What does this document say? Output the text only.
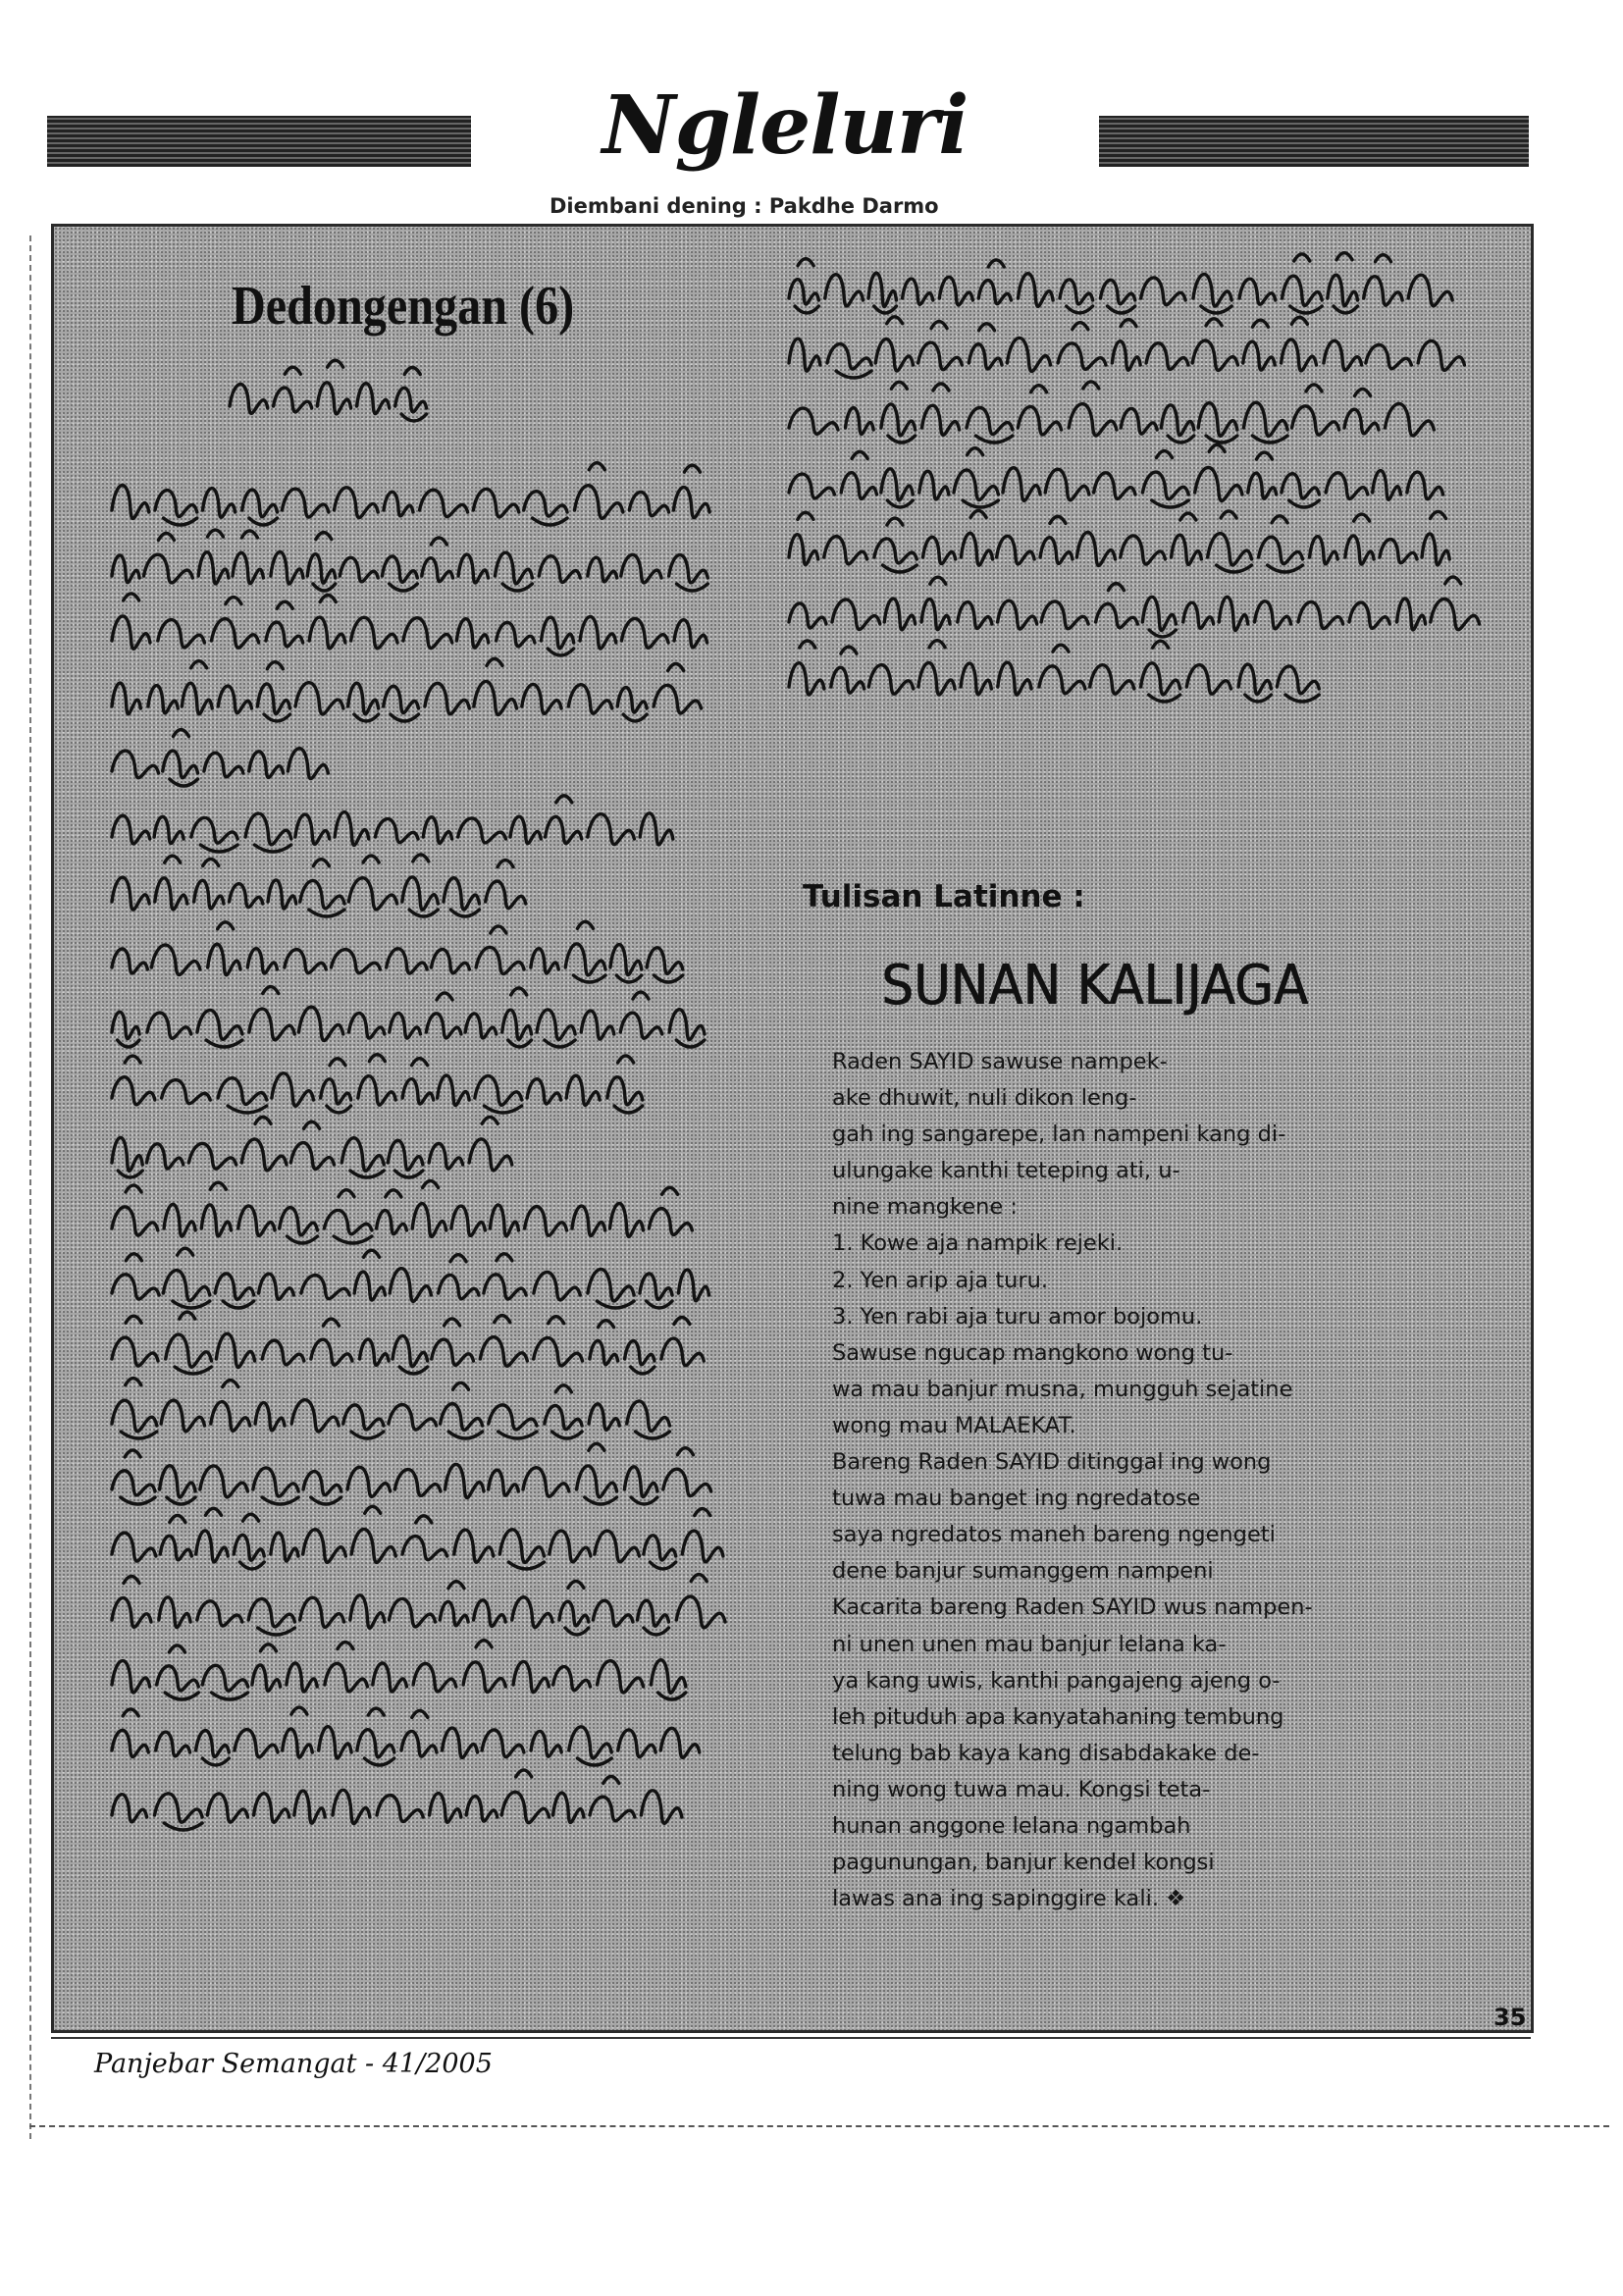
Nglelurі
Diembani dening : Pakdhe Darmo
Dedongengan (6)
Tulisan Latinne :
SUNAN KALIJAGA
Raden SAYID sawuse nampek-
ake dhuwit, nuli dikon leng-
gah ing sangarepe, lan nampeni kang di-
ulungake kanthi teteping ati, u-
nine mangkene :
1. Kowe aja nampik rejeki.
2. Yen arip aja turu.
3. Yen rabi aja turu amor bojomu.
Sawuse ngucap mangkono wong tu-
wa mau banjur musna, mungguh sejatine
wong mau MALAEKAT.
Bareng Raden SAYID ditinggal ing wong
tuwa mau banget ing ngredatose
saya ngredatos maneh bareng ngengeti
dene banjur sumanggem nampeni
Kacarita bareng Raden SAYID wus nampen-
ni unen unen mau banjur lelana ka-
ya kang uwis, kanthi pangajeng ajeng o-
leh pituduh apa kanyatahaning tembung
telung bab kaya kang disabdakake de-
ning wong tuwa mau. Kongsi teta-
hunan anggone lelana ngambah
pagunungan, banjur kendel kongsi
lawas ana ing sapinggire kali. ❖
35
Panjebar Semangat - 41/2005
